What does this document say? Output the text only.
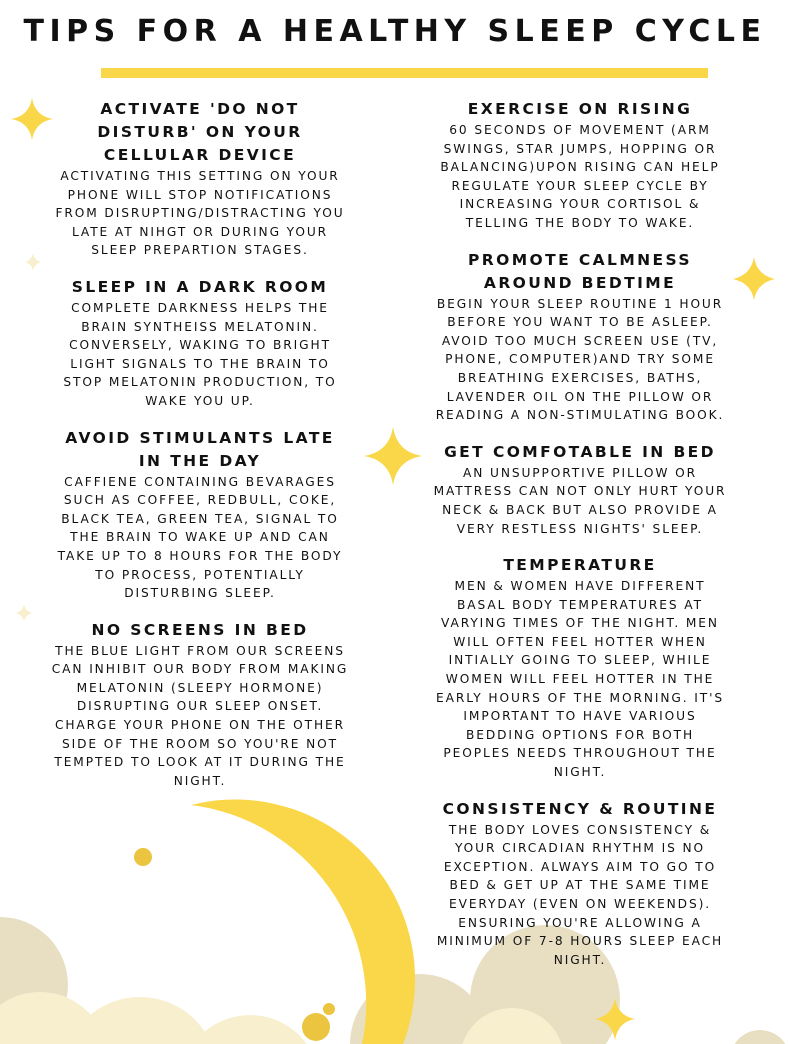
TIPS FOR A HEALTHY SLEEP CYCLE
ACTIVATE 'DO NOT DISTURB' ON YOUR CELLULAR DEVICE

ACTIVATING THIS SETTING ON YOUR PHONE WILL STOP NOTIFICATIONS FROM DISRUPTING/DISTRACTING YOU LATE AT NIHGT OR DURING YOUR SLEEP PREPARTION STAGES.

SLEEP IN A DARK ROOM

COMPLETE DARKNESS HELPS THE BRAIN SYNTHEISS MELATONIN. CONVERSELY, WAKING TO BRIGHT LIGHT SIGNALS TO THE BRAIN TO STOP MELATONIN PRODUCTION, TO WAKE YOU UP.

AVOID STIMULANTS LATE IN THE DAY

CAFFIENE CONTAINING BEVARAGES SUCH AS COFFEE, REDBULL, COKE, BLACK TEA, GREEN TEA, SIGNAL TO THE BRAIN TO WAKE UP AND CAN TAKE UP TO 8 HOURS FOR THE BODY TO PROCESS, POTENTIALLY DISTURBING SLEEP.

NO SCREENS IN BED

THE BLUE LIGHT FROM OUR SCREENS CAN INHIBIT OUR BODY FROM MAKING MELATONIN (SLEEPY HORMONE) DISRUPTING OUR SLEEP ONSET. CHARGE YOUR PHONE ON THE OTHER SIDE OF THE ROOM SO YOU'RE NOT TEMPTED TO LOOK AT IT DURING THE NIGHT.

EXERCISE ON RISING

60 SECONDS OF MOVEMENT (ARM SWINGS, STAR JUMPS, HOPPING OR BALANCING)UPON RISING CAN HELP REGULATE YOUR SLEEP CYCLE BY INCREASING YOUR CORTISOL & TELLING THE BODY TO WAKE.

PROMOTE CALMNESS AROUND BEDTIME

BEGIN YOUR SLEEP ROUTINE 1 HOUR BEFORE YOU WANT TO BE ASLEEP. AVOID TOO MUCH SCREEN USE (TV, PHONE, COMPUTER)AND TRY SOME BREATHING EXERCISES, BATHS, LAVENDER OIL ON THE PILLOW OR READING A NON-STIMULATING BOOK.

GET COMFOTABLE IN BED

AN UNSUPPORTIVE PILLOW OR MATTRESS CAN NOT ONLY HURT YOUR NECK & BACK BUT ALSO PROVIDE A VERY RESTLESS NIGHTS' SLEEP.

TEMPERATURE

MEN & WOMEN HAVE DIFFERENT BASAL BODY TEMPERATURES AT VARYING TIMES OF THE NIGHT. MEN WILL OFTEN FEEL HOTTER WHEN INTIALLY GOING TO SLEEP, WHILE WOMEN WILL FEEL HOTTER IN THE EARLY HOURS OF THE MORNING. IT'S IMPORTANT TO HAVE VARIOUS BEDDING OPTIONS FOR BOTH PEOPLES NEEDS THROUGHOUT THE NIGHT.

CONSISTENCY & ROUTINE

THE BODY LOVES CONSISTENCY & YOUR CIRCADIAN RHYTHM IS NO EXCEPTION. ALWAYS AIM TO GO TO BED & GET UP AT THE SAME TIME EVERYDAY (EVEN ON WEEKENDS). ENSURING YOU'RE ALLOWING A MINIMUM OF 7-8 HOURS SLEEP EACH NIGHT.
